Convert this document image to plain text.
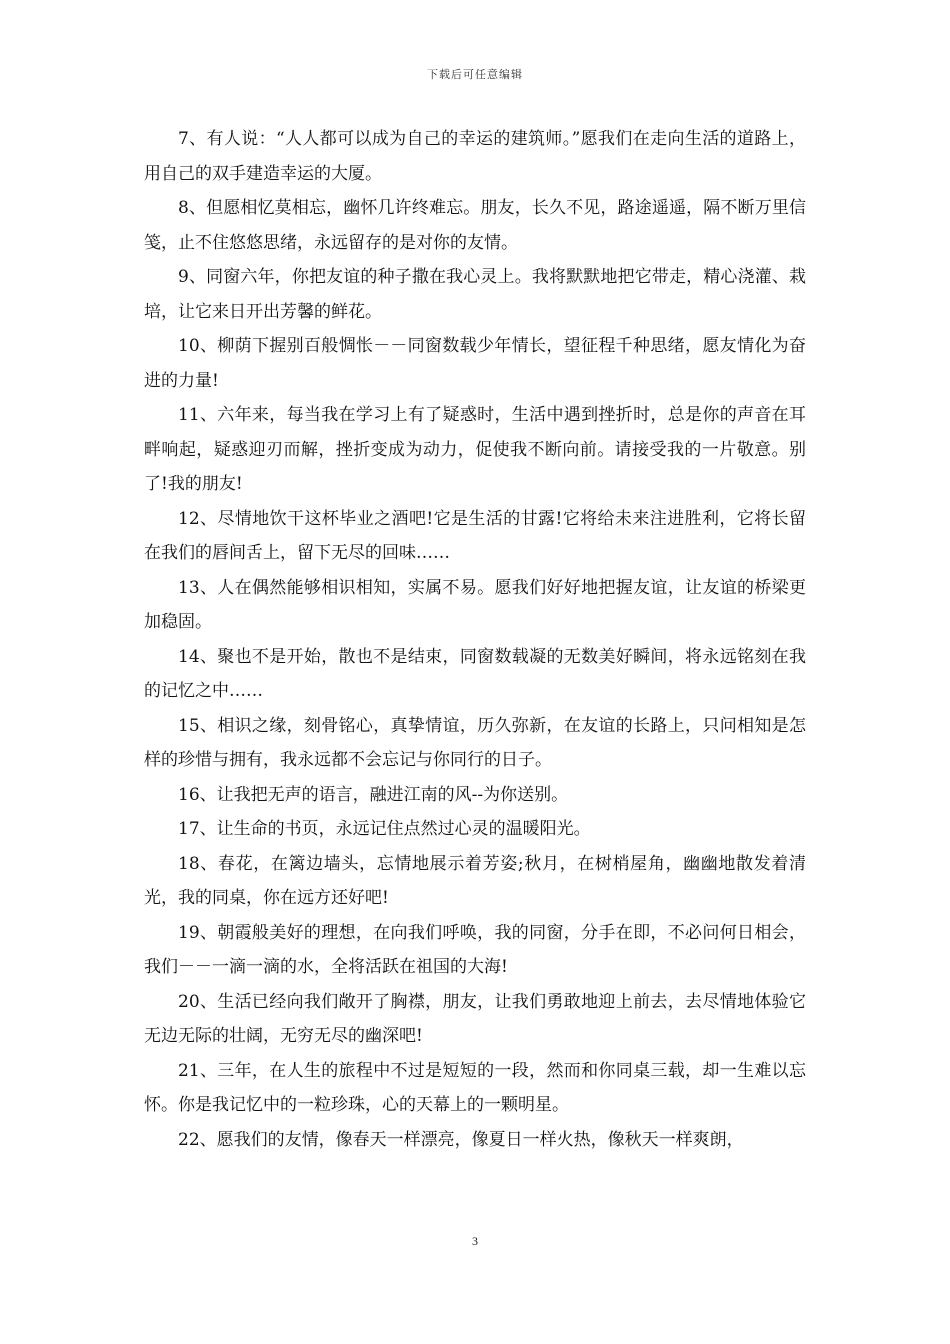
下载后可任意编辑

7、有人说：“人人都可以成为自己的幸运的建筑师。”愿我们在走向生活的道路上，用自己的双手建造幸运的大厦。

8、但愿相忆莫相忘，幽怀几许终难忘。朋友，长久不见，路途遥遥，隔不断万里信笺，止不住悠悠思绪，永远留存的是对你的友情。

9、同窗六年，你把友谊的种子撒在我心灵上。我将默默地把它带走，精心浇灌、栽培，让它来日开出芳馨的鲜花。

10、柳荫下握别百般惆怅－－同窗数载少年情长，望征程千种思绪，愿友情化为奋进的力量!

11、六年来，每当我在学习上有了疑惑时，生活中遇到挫折时，总是你的声音在耳畔响起，疑惑迎刃而解，挫折变成为动力，促使我不断向前。请接受我的一片敬意。别了!我的朋友!

12、尽情地饮干这杯毕业之酒吧!它是生活的甘露!它将给未来注进胜利，它将长留在我们的唇间舌上，留下无尽的回味……

13、人在偶然能够相识相知，实属不易。愿我们好好地把握友谊，让友谊的桥梁更加稳固。

14、聚也不是开始，散也不是结束，同窗数载凝的无数美好瞬间，将永远铭刻在我的记忆之中……

15、相识之缘，刻骨铭心，真挚情谊，历久弥新，在友谊的长路上，只问相知是怎样的珍惜与拥有，我永远都不会忘记与你同行的日子。

16、让我把无声的语言，融进江南的风--为你送别。

17、让生命的书页，永远记住点然过心灵的温暖阳光。

18、春花，在篱边墙头，忘情地展示着芳姿;秋月，在树梢屋角，幽幽地散发着清光，我的同桌，你在远方还好吧!

19、朝霞般美好的理想，在向我们呼唤，我的同窗，分手在即，不必问何日相会，我们－－一滴一滴的水，全将活跃在祖国的大海!

20、生活已经向我们敞开了胸襟，朋友，让我们勇敢地迎上前去，去尽情地体验它无边无际的壮阔，无穷无尽的幽深吧!

21、三年，在人生的旅程中不过是短短的一段，然而和你同桌三载，却一生难以忘怀。你是我记忆中的一粒珍珠，心的天幕上的一颗明星。

22、愿我们的友情，像春天一样漂亮，像夏日一样火热，像秋天一样爽朗，

3
